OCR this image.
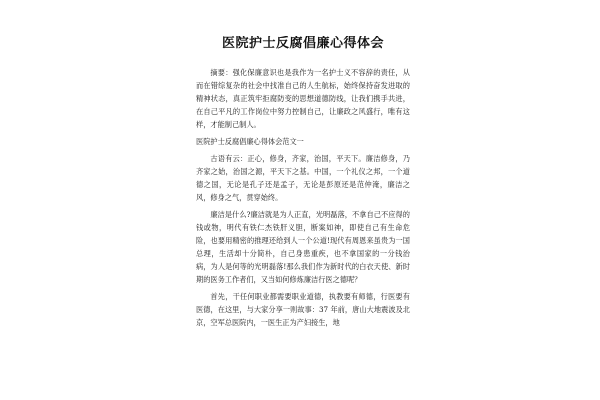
医院护士反腐倡廉心得体会

摘要：强化保廉意识也是我作为一名护士义不容辞的责任，从而在错综复杂的社会中找准自己的人生航标，始终保持奋发进取的精神状态，真正筑牢拒腐防变的思想道德防线，让我们携手共进，在自己平凡的工作岗位中努力控制自己，让廉政之风盛行，唯有这样，才能制己制人。

医院护士反腐倡廉心得体会范文一

古语有云：正心，修身，齐家，治国，平天下。廉洁修身，乃齐家之始，治国之源，平天下之基。中国，一个礼仪之邦，一个道德之国，无论是孔子还是孟子，无论是彭原还是范仲淹，廉洁之风，修身之气，贯穿始终。

廉洁是什么?廉洁就是为人正直，光明磊落，不拿自己不应得的钱或物，明代有铁仁杰铁肝义胆，断案如神，即使自己有生命危险，也要用精密的推理还给到人一个公道!现代有周恩来虽贵为一国总理，生活却十分简朴，自己身患重疾，也不拿国家的一分钱治病，为人是何等的光明磊落!那么我们作为新时代的白衣天使、新时期的医务工作者们，又当如何修炼廉洁行医之德呢？

首先，干任何职业都需要职业道德，执教要有师德，行医要有医德，在这里，与大家分享一则故事：37 年前，唐山大地震波及北京，空军总医院内，一医生正为产妇接生，地
